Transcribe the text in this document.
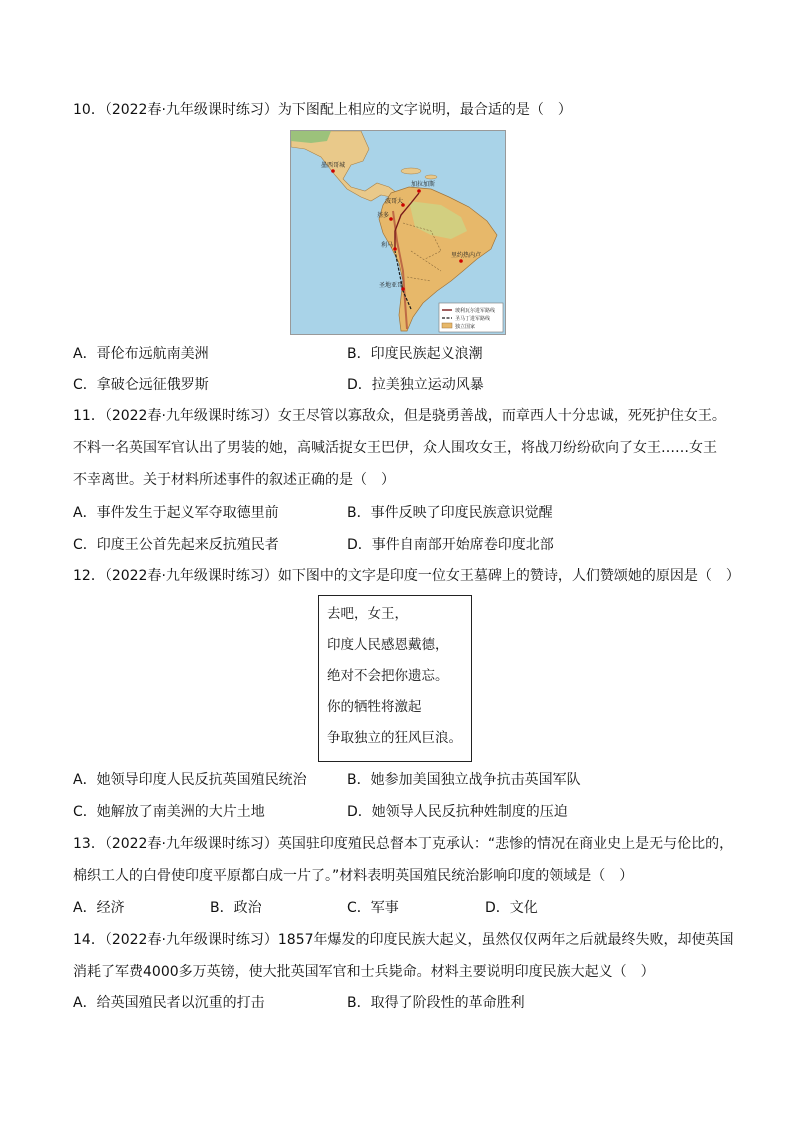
10．（2022春·九年级课时练习）为下图配上相应的文字说明，最合适的是（　）
墨西哥城
加拉加斯
波哥大
基多
利马
圣地亚哥
里约热内卢
玻利瓦尔进军路线
圣马丁进军路线
独立国家
A．哥伦布远航南美洲	B．印度民族起义浪潮
C．拿破仑远征俄罗斯	D．拉美独立运动风暴
11．（2022春·九年级课时练习）女王尽管以寡敌众，但是骁勇善战，而章西人十分忠诚，死死护住女王。
不料一名英国军官认出了男装的她，高喊活捉女王巴伊，众人围攻女王，将战刀纷纷砍向了女王……女王
不幸离世。关于材料所述事件的叙述正确的是（　）
A．事件发生于起义军夺取德里前	B．事件反映了印度民族意识觉醒
C．印度王公首先起来反抗殖民者	D．事件自南部开始席卷印度北部
12．（2022春·九年级课时练习）如下图中的文字是印度一位女王墓碑上的赞诗，人们赞颂她的原因是（　）
去吧，女王，
印度人民感恩戴德，
绝对不会把你遗忘。
你的牺牲将激起
争取独立的狂风巨浪。
A．她领导印度人民反抗英国殖民统治	B．她参加美国独立战争抗击英国军队
C．她解放了南美洲的大片土地	D．她领导人民反抗种姓制度的压迫
13．（2022春·九年级课时练习）英国驻印度殖民总督本丁克承认：“悲惨的情况在商业史上是无与伦比的，
棉织工人的白骨使印度平原都白成一片了。”材料表明英国殖民统治影响印度的领域是（　）
A．经济	B．政治	C．军事	D．文化
14．（2022春·九年级课时练习）1857年爆发的印度民族大起义，虽然仅仅两年之后就最终失败，却使英国
消耗了军费4000多万英镑，使大批英国军官和士兵毙命。材料主要说明印度民族大起义（　）
A．给英国殖民者以沉重的打击	B．取得了阶段性的革命胜利
